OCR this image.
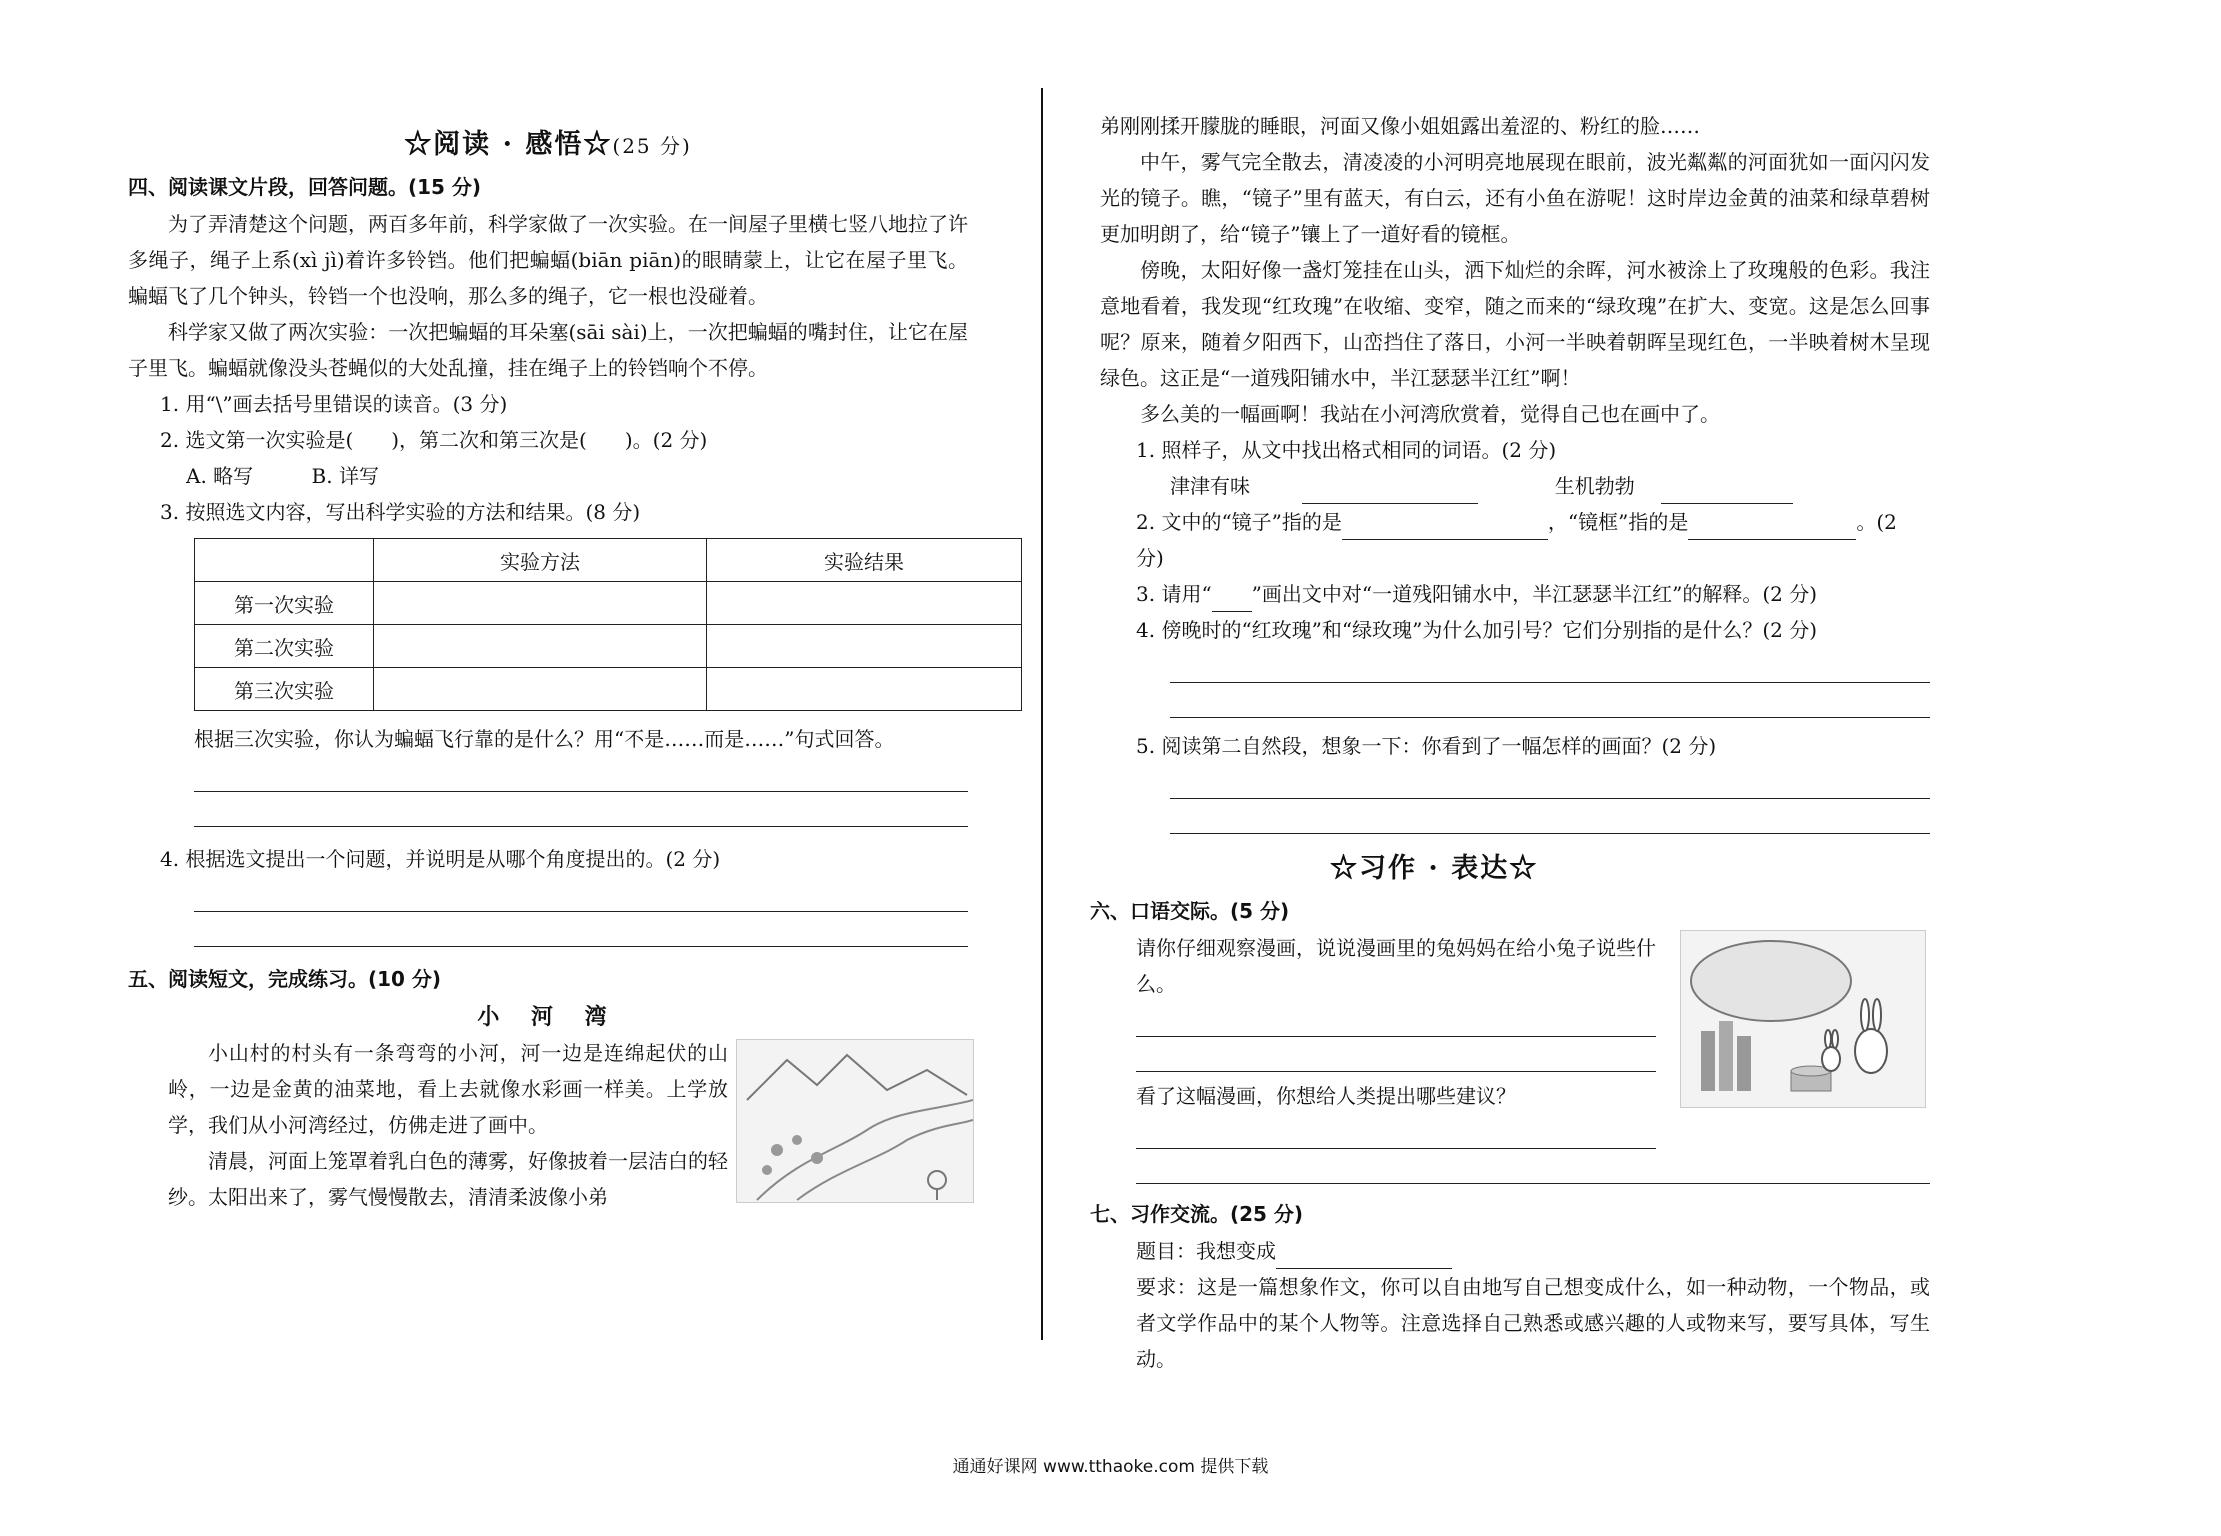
☆阅读 · 感悟☆(25 分)
四、阅读课文片段，回答问题。(15 分)

为了弄清楚这个问题，两百多年前，科学家做了一次实验。在一间屋子里横七竖八地拉了许多绳子，绳子上系(xì jì)着许多铃铛。他们把蝙蝠(biān piān)的眼睛蒙上，让它在屋子里飞。蝙蝠飞了几个钟头，铃铛一个也没响，那么多的绳子，它一根也没碰着。

科学家又做了两次实验：一次把蝙蝠的耳朵塞(sāi sài)上，一次把蝙蝠的嘴封住，让它在屋子里飞。蝙蝠就像没头苍蝇似的大处乱撞，挂在绳子上的铃铛响个不停。

1. 用“\”画去括号里错误的读音。(3 分)
2. 选文第一次实验是( )，第二次和第三次是( )。(2 分)
A. 略写	B. 详写
3. 按照选文内容，写出科学实验的方法和结果。(8 分)
	实验方法	实验结果
第一次实验		
第二次实验		
第三次实验		

根据三次实验，你认为蝙蝠飞行靠的是什么？用“不是……而是……”句式回答。

4. 根据选文提出一个问题，并说明是从哪个角度提出的。(2 分)
五、阅读短文，完成练习。(10 分)
小 河 湾

小山村的村头有一条弯弯的小河，河一边是连绵起伏的山岭，一边是金黄的油菜地，看上去就像水彩画一样美。上学放学，我们从小河湾经过，仿佛走进了画中。

清晨，河面上笼罩着乳白色的薄雾，好像披着一层洁白的轻纱。太阳出来了，雾气慢慢散去，清清柔波像小弟

弟刚刚揉开朦胧的睡眼，河面又像小姐姐露出羞涩的、粉红的脸……

中午，雾气完全散去，清凌凌的小河明亮地展现在眼前，波光粼粼的河面犹如一面闪闪发光的镜子。瞧，“镜子”里有蓝天，有白云，还有小鱼在游呢！这时岸边金黄的油菜和绿草碧树更加明朗了，给“镜子”镶上了一道好看的镜框。

傍晚，太阳好像一盏灯笼挂在山头，洒下灿烂的余晖，河水被涂上了玫瑰般的色彩。我注意地看着，我发现“红玫瑰”在收缩、变窄，随之而来的“绿玫瑰”在扩大、变宽。这是怎么回事呢？原来，随着夕阳西下，山峦挡住了落日，小河一半映着朝晖呈现红色，一半映着树木呈现绿色。这正是“一道残阳铺水中，半江瑟瑟半江红”啊！

多么美的一幅画啊！我站在小河湾欣赏着，觉得自己也在画中了。

1. 照样子，从文中找出格式相同的词语。(2 分)
津津有味	生机勃勃
2. 文中的“镜子”指的是	，“镜框”指的是	。(2 分)
3. 请用“ ”画出文中对“一道残阳铺水中，半江瑟瑟半江红”的解释。(2 分)
4. 傍晚时的“红玫瑰”和“绿玫瑰”为什么加引号？它们分别指的是什么？(2 分)
5. 阅读第二自然段，想象一下：你看到了一幅怎样的画面？(2 分)
☆习作 · 表达☆
六、口语交际。(5 分)

请你仔细观察漫画，说说漫画里的兔妈妈在给小兔子说些什么。

看了这幅漫画，你想给人类提出哪些建议？

七、习作交流。(25 分)
题目：我想变成

要求：这是一篇想象作文，你可以自由地写自己想变成什么，如一种动物，一个物品，或者文学作品中的某个人物等。注意选择自己熟悉或感兴趣的人或物来写，要写具体，写生动。

通通好课网 www.tthaoke.com 提供下载
